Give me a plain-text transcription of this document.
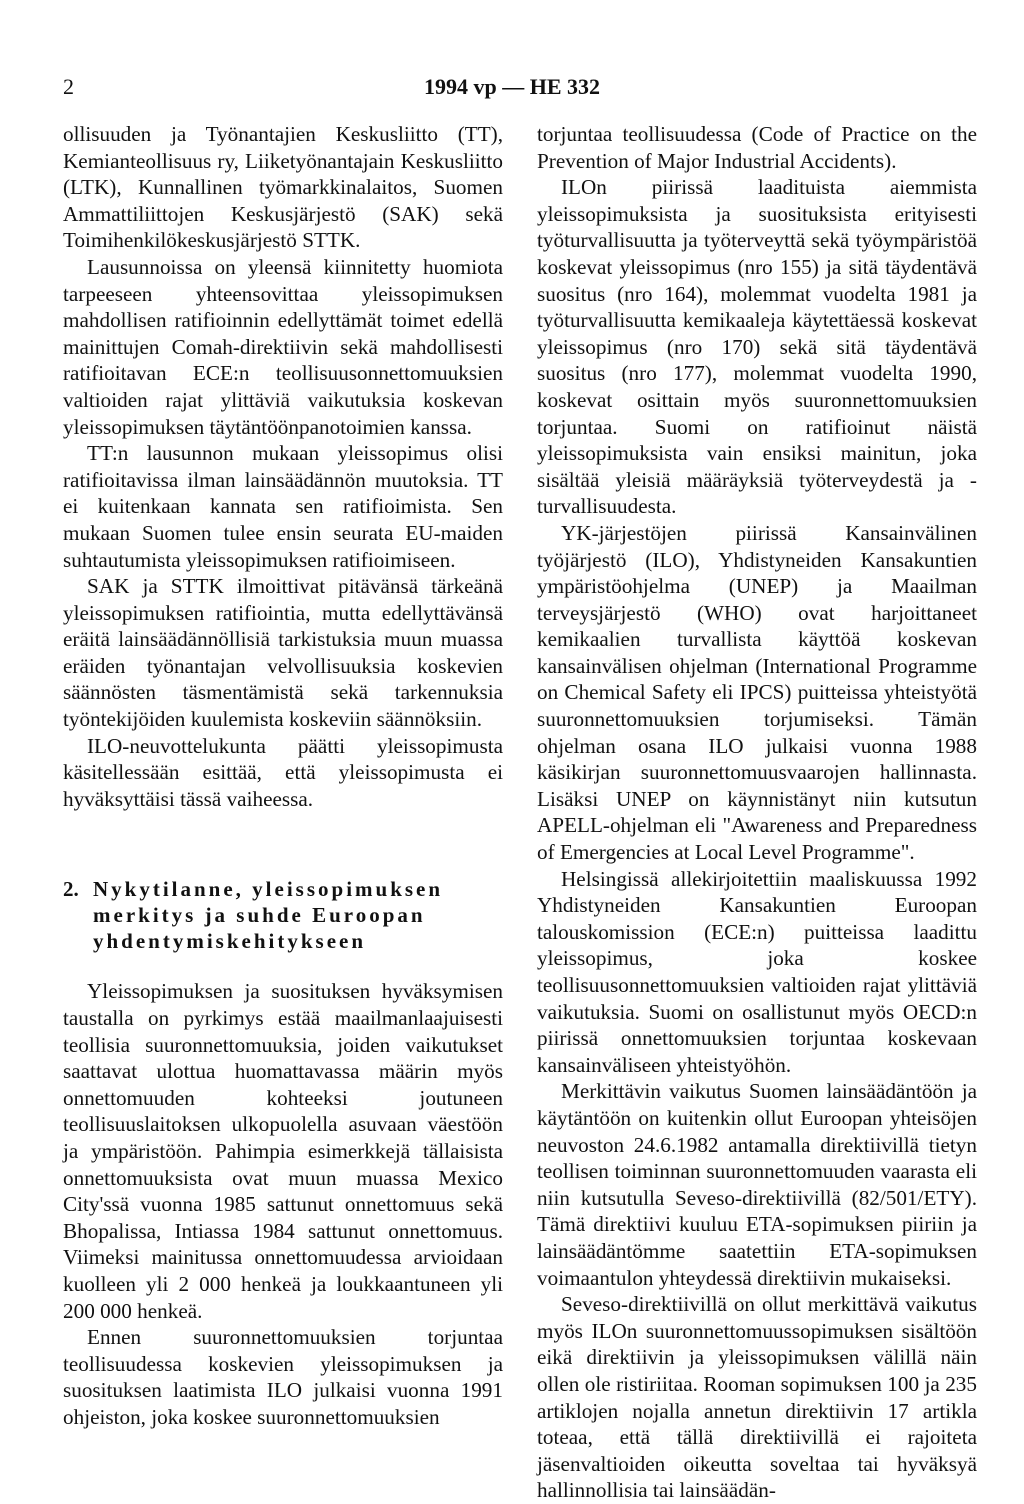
2	1994 vp — HE 332

ollisuuden ja Työnantajien Keskusliitto (TT), Kemianteollisuus ry, Liiketyönantajain Keskusliitto (LTK), Kunnallinen työmarkkinalaitos, Suomen Ammattiliittojen Keskusjärjestö (SAK) sekä Toimihenkilökeskusjärjestö STTK.

Lausunnoissa on yleensä kiinnitetty huomiota tarpeeseen yhteensovittaa yleissopimuksen mahdollisen ratifioinnin edellyttämät toimet edellä mainittujen Comah-direktiivin sekä mahdollisesti ratifioitavan ECE:n teollisuusonnettomuuksien valtioiden rajat ylittäviä vaikutuksia koskevan yleissopimuksen täytäntöönpanotoimien kanssa.

TT:n lausunnon mukaan yleissopimus olisi ratifioitavissa ilman lainsäädännön muutoksia. TT ei kuitenkaan kannata sen ratifioimista. Sen mukaan Suomen tulee ensin seurata EU-maiden suhtautumista yleissopimuksen ratifioimiseen.

SAK ja STTK ilmoittivat pitävänsä tärkeänä yleissopimuksen ratifiointia, mutta edellyttävänsä eräitä lainsäädännöllisiä tarkistuksia muun muassa eräiden työnantajan velvollisuuksia koskevien säännösten täsmentämistä sekä tarkennuksia työntekijöiden kuulemista koskeviin säännöksiin.

ILO-neuvottelukunta päätti yleissopimusta käsitellessään esittää, että yleissopimusta ei hyväksyttäisi tässä vaiheessa.

2. Nykytilanne, yleissopimuksen merkitys ja suhde Euroopan yhdentymiskehitykseen

Yleissopimuksen ja suosituksen hyväksymisen taustalla on pyrkimys estää maailmanlaajuisesti teollisia suuronnettomuuksia, joiden vaikutukset saattavat ulottua huomattavassa määrin myös onnettomuuden kohteeksi joutuneen teollisuuslaitoksen ulkopuolella asuvaan väestöön ja ympäristöön. Pahimpia esimerkkejä tällaisista onnettomuuksista ovat muun muassa Mexico City'ssä vuonna 1985 sattunut onnettomuus sekä Bhopalissa, Intiassa 1984 sattunut onnettomuus. Viimeksi mainitussa onnettomuudessa arvioidaan kuolleen yli 2 000 henkeä ja loukkaantuneen yli 200 000 henkeä.

Ennen suuronnettomuuksien torjuntaa teollisuudessa koskevien yleissopimuksen ja suosituksen laatimista ILO julkaisi vuonna 1991 ohjeiston, joka koskee suuronnettomuuksien

torjuntaa teollisuudessa (Code of Practice on the Prevention of Major Industrial Accidents).

ILOn piirissä laadituista aiemmista yleissopimuksista ja suosituksista erityisesti työturvallisuutta ja työterveyttä sekä työympäristöä koskevat yleissopimus (nro 155) ja sitä täydentävä suositus (nro 164), molemmat vuodelta 1981 ja työturvallisuutta kemikaaleja käytettäessä koskevat yleissopimus (nro 170) sekä sitä täydentävä suositus (nro 177), molemmat vuodelta 1990, koskevat osittain myös suuronnettomuuksien torjuntaa. Suomi on ratifioinut näistä yleissopimuksista vain ensiksi mainitun, joka sisältää yleisiä määräyksiä työterveydestä ja -turvallisuudesta.

YK-järjestöjen piirissä Kansainvälinen työjärjestö (ILO), Yhdistyneiden Kansakuntien ympäristöohjelma (UNEP) ja Maailman terveysjärjestö (WHO) ovat harjoittaneet kemikaalien turvallista käyttöä koskevan kansainvälisen ohjelman (International Programme on Chemical Safety eli IPCS) puitteissa yhteistyötä suuronnettomuuksien torjumiseksi. Tämän ohjelman osana ILO julkaisi vuonna 1988 käsikirjan suuronnettomuusvaarojen hallinnasta. Lisäksi UNEP on käynnistänyt niin kutsutun APELL-ohjelman eli "Awareness and Preparedness of Emergencies at Local Level Programme".

Helsingissä allekirjoitettiin maaliskuussa 1992 Yhdistyneiden Kansakuntien Euroopan talouskomission (ECE:n) puitteissa laadittu yleissopimus, joka koskee teollisuusonnettomuuksien valtioiden rajat ylittäviä vaikutuksia. Suomi on osallistunut myös OECD:n piirissä onnettomuuksien torjuntaa koskevaan kansainväliseen yhteistyöhön.

Merkittävin vaikutus Suomen lainsäädäntöön ja käytäntöön on kuitenkin ollut Euroopan yhteisöjen neuvoston 24.6.1982 antamalla direktiivillä tietyn teollisen toiminnan suuronnettomuuden vaarasta eli niin kutsutulla Seveso-direktiivillä (82/501/ETY). Tämä direktiivi kuuluu ETA-sopimuksen piiriin ja lainsäädäntömme saatettiin ETA-sopimuksen voimaantulon yhteydessä direktiivin mukaiseksi.

Seveso-direktiivillä on ollut merkittävä vaikutus myös ILOn suuronnettomuussopimuksen sisältöön eikä direktiivin ja yleissopimuksen välillä näin ollen ole ristiriitaa. Rooman sopimuksen 100 ja 235 artiklojen nojalla annetun direktiivin 17 artikla toteaa, että tällä direktiivillä ei rajoiteta jäsenvaltioiden oikeutta soveltaa tai hyväksyä hallinnollisia tai lainsäädän-
